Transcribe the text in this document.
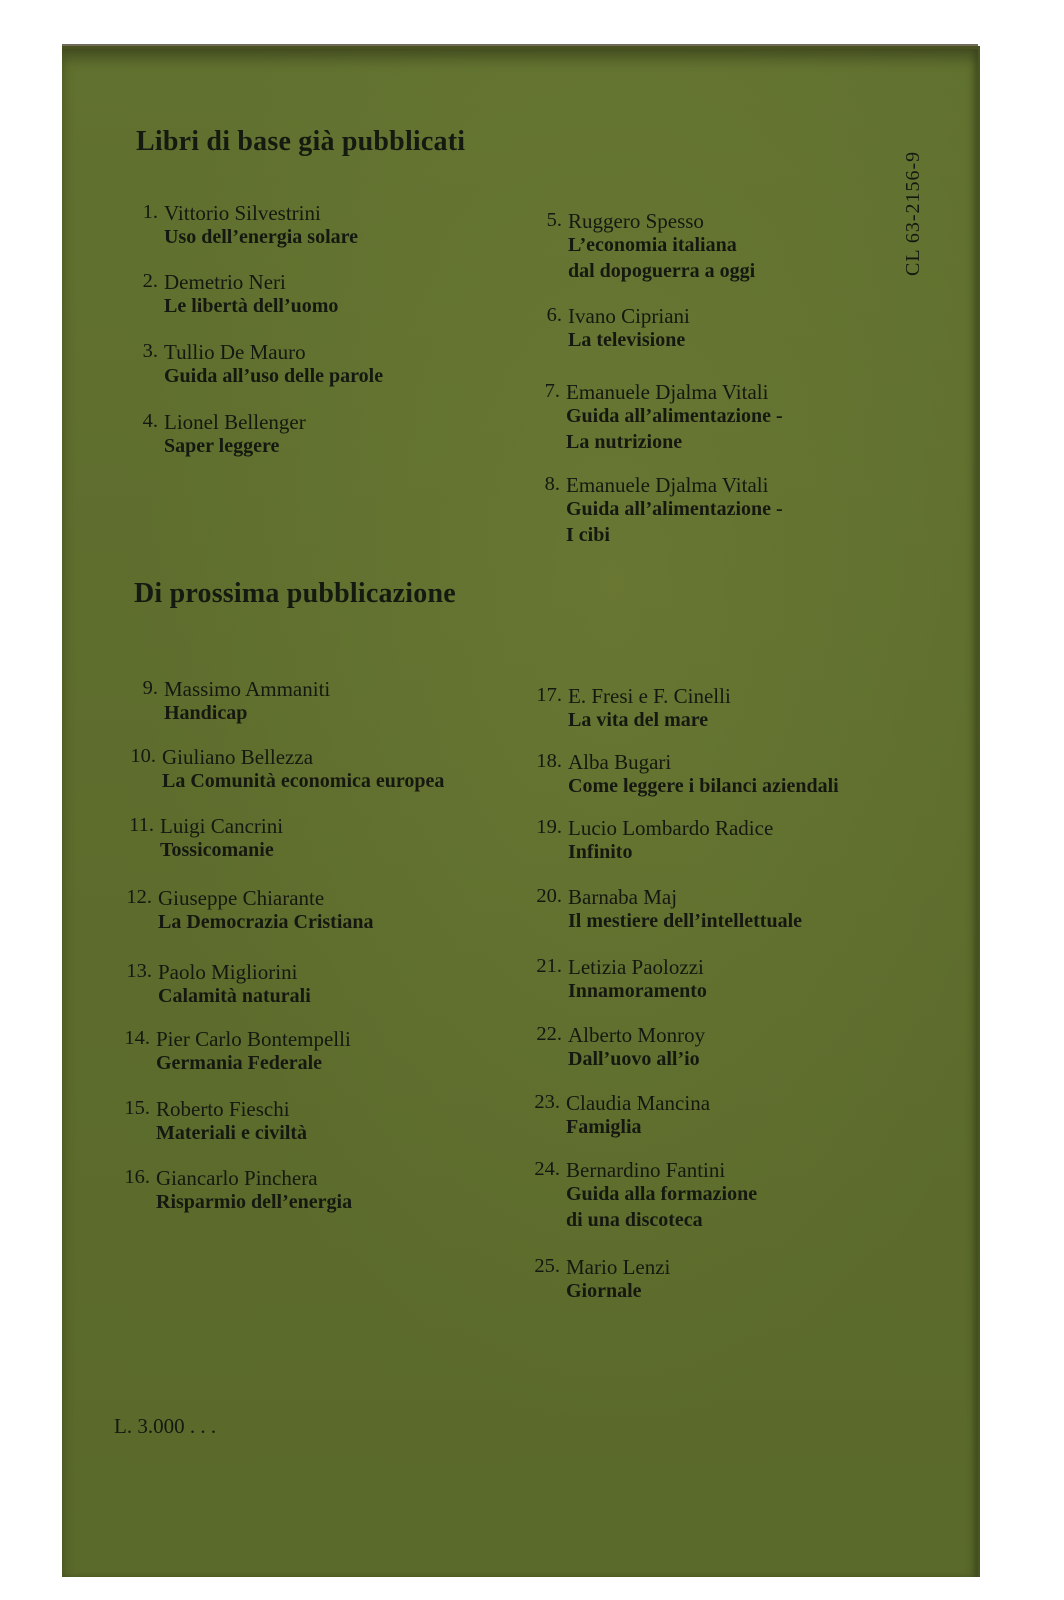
Libri di base già pubblicati
1. Vittorio Silvestrini
Uso dell’energia solare
2. Demetrio Neri
Le libertà dell’uomo
3. Tullio De Mauro
Guida all’uso delle parole
4. Lionel Bellenger
Saper leggere
5. Ruggero Spesso
L’economia italiana
dal dopoguerra a oggi
6. Ivano Cipriani
La televisione
7. Emanuele Djalma Vitali
Guida all’alimentazione -
La nutrizione
8. Emanuele Djalma Vitali
Guida all’alimentazione -
I cibi
Di prossima pubblicazione
9. Massimo Ammaniti
Handicap
10. Giuliano Bellezza
La Comunità economica europea
11. Luigi Cancrini
Tossicomanie
12. Giuseppe Chiarante
La Democrazia Cristiana
13. Paolo Migliorini
Calamità naturali
14. Pier Carlo Bontempelli
Germania Federale
15. Roberto Fieschi
Materiali e civiltà
16. Giancarlo Pinchera
Risparmio dell’energia
17. E. Fresi e F. Cinelli
La vita del mare
18. Alba Bugari
Come leggere i bilanci aziendali
19. Lucio Lombardo Radice
Infinito
20. Barnaba Maj
Il mestiere dell’intellettuale
21. Letizia Paolozzi
Innamoramento
22. Alberto Monroy
Dall’uovo all’io
23. Claudia Mancina
Famiglia
24. Bernardino Fantini
Guida alla formazione
di una discoteca
25. Mario Lenzi
Giornale
L. 3.000 . . .
